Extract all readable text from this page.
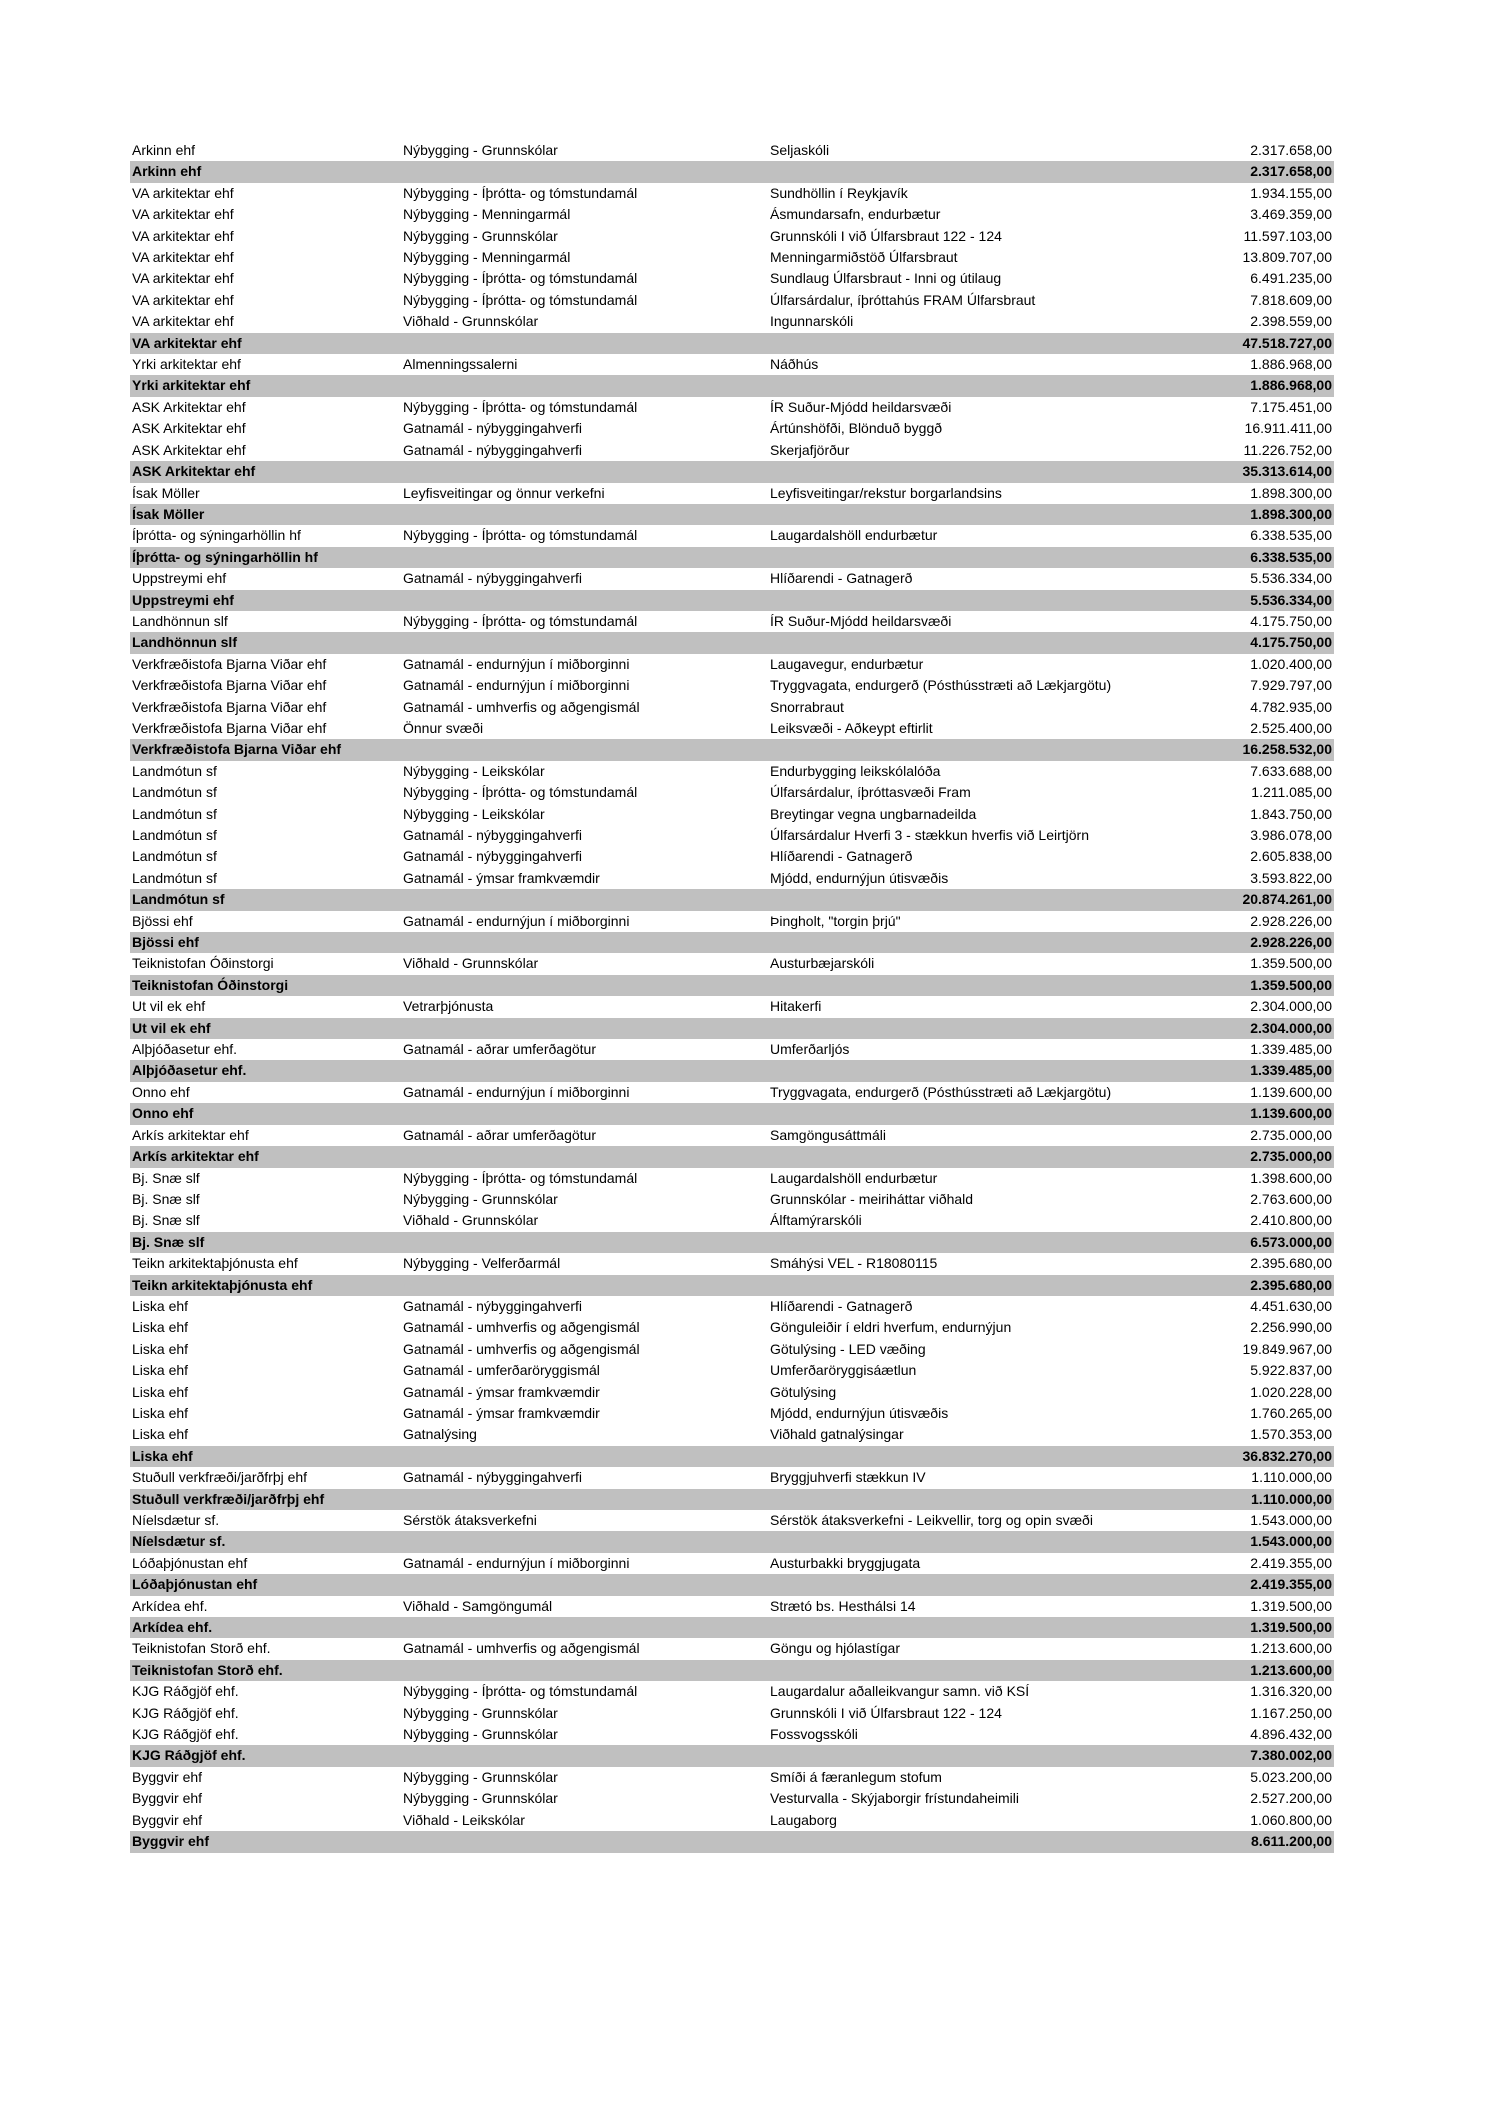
Arkinn ehf	Nýbygging - Grunnskólar	Seljaskóli	2.317.658,00
Arkinn ehf	2.317.658,00
VA arkitektar ehf	Nýbygging - Íþrótta- og tómstundamál	Sundhöllin í Reykjavík	1.934.155,00
VA arkitektar ehf	Nýbygging - Menningarmál	Ásmundarsafn, endurbætur	3.469.359,00
VA arkitektar ehf	Nýbygging - Grunnskólar	Grunnskóli I við Úlfarsbraut 122 - 124	11.597.103,00
VA arkitektar ehf	Nýbygging - Menningarmál	Menningarmiðstöð Úlfarsbraut	13.809.707,00
VA arkitektar ehf	Nýbygging - Íþrótta- og tómstundamál	Sundlaug Úlfarsbraut - Inni og útilaug	6.491.235,00
VA arkitektar ehf	Nýbygging - Íþrótta- og tómstundamál	Úlfarsárdalur, íþróttahús FRAM Úlfarsbraut	7.818.609,00
VA arkitektar ehf	Viðhald - Grunnskólar	Ingunnarskóli	2.398.559,00
VA arkitektar ehf	47.518.727,00
Yrki arkitektar ehf	Almenningssalerni	Náðhús	1.886.968,00
Yrki arkitektar ehf	1.886.968,00
ASK Arkitektar ehf	Nýbygging - Íþrótta- og tómstundamál	ÍR Suður-Mjódd heildarsvæði	7.175.451,00
ASK Arkitektar ehf	Gatnamál - nýbyggingahverfi	Ártúnshöfði, Blönduð byggð	16.911.411,00
ASK Arkitektar ehf	Gatnamál - nýbyggingahverfi	Skerjafjörður	11.226.752,00
ASK Arkitektar ehf	35.313.614,00
Ísak Möller	Leyfisveitingar og önnur verkefni	Leyfisveitingar/rekstur borgarlandsins	1.898.300,00
Ísak Möller	1.898.300,00
Íþrótta- og sýningarhöllin hf	Nýbygging - Íþrótta- og tómstundamál	Laugardalshöll endurbætur	6.338.535,00
Íþrótta- og sýningarhöllin hf	6.338.535,00
Uppstreymi ehf	Gatnamál - nýbyggingahverfi	Hlíðarendi - Gatnagerð	5.536.334,00
Uppstreymi ehf	5.536.334,00
Landhönnun slf	Nýbygging - Íþrótta- og tómstundamál	ÍR Suður-Mjódd heildarsvæði	4.175.750,00
Landhönnun slf	4.175.750,00
Verkfræðistofa Bjarna Viðar ehf	Gatnamál - endurnýjun í miðborginni	Laugavegur, endurbætur	1.020.400,00
Verkfræðistofa Bjarna Viðar ehf	Gatnamál - endurnýjun í miðborginni	Tryggvagata, endurgerð (Pósthússtræti að Lækjargötu)	7.929.797,00
Verkfræðistofa Bjarna Viðar ehf	Gatnamál - umhverfis og aðgengismál	Snorrabraut	4.782.935,00
Verkfræðistofa Bjarna Viðar ehf	Önnur svæði	Leiksvæði - Aðkeypt eftirlit	2.525.400,00
Verkfræðistofa Bjarna Viðar ehf	16.258.532,00
Landmótun sf	Nýbygging - Leikskólar	Endurbygging leikskólalóða	7.633.688,00
Landmótun sf	Nýbygging - Íþrótta- og tómstundamál	Úlfarsárdalur, íþróttasvæði Fram	1.211.085,00
Landmótun sf	Nýbygging - Leikskólar	Breytingar vegna ungbarnadeilda	1.843.750,00
Landmótun sf	Gatnamál - nýbyggingahverfi	Úlfarsárdalur Hverfi 3 - stækkun hverfis við Leirtjörn	3.986.078,00
Landmótun sf	Gatnamál - nýbyggingahverfi	Hlíðarendi - Gatnagerð	2.605.838,00
Landmótun sf	Gatnamál - ýmsar framkvæmdir	Mjódd, endurnýjun útisvæðis	3.593.822,00
Landmótun sf	20.874.261,00
Bjössi ehf	Gatnamál - endurnýjun í miðborginni	Þingholt, "torgin þrjú"	2.928.226,00
Bjössi ehf	2.928.226,00
Teiknistofan Óðinstorgi	Viðhald - Grunnskólar	Austurbæjarskóli	1.359.500,00
Teiknistofan Óðinstorgi	1.359.500,00
Ut vil ek ehf	Vetrarþjónusta	Hitakerfi	2.304.000,00
Ut vil ek ehf	2.304.000,00
Alþjóðasetur ehf.	Gatnamál - aðrar umferðagötur	Umferðarljós	1.339.485,00
Alþjóðasetur ehf.	1.339.485,00
Onno ehf	Gatnamál - endurnýjun í miðborginni	Tryggvagata, endurgerð (Pósthússtræti að Lækjargötu)	1.139.600,00
Onno ehf	1.139.600,00
Arkís arkitektar ehf	Gatnamál - aðrar umferðagötur	Samgöngusáttmáli	2.735.000,00
Arkís arkitektar ehf	2.735.000,00
Bj. Snæ slf	Nýbygging - Íþrótta- og tómstundamál	Laugardalshöll endurbætur	1.398.600,00
Bj. Snæ slf	Nýbygging - Grunnskólar	Grunnskólar - meiriháttar viðhald	2.763.600,00
Bj. Snæ slf	Viðhald - Grunnskólar	Álftamýrarskóli	2.410.800,00
Bj. Snæ slf	6.573.000,00
Teikn arkitektaþjónusta ehf	Nýbygging - Velferðarmál	Smáhýsi VEL - R18080115	2.395.680,00
Teikn arkitektaþjónusta ehf	2.395.680,00
Liska ehf	Gatnamál - nýbyggingahverfi	Hlíðarendi - Gatnagerð	4.451.630,00
Liska ehf	Gatnamál - umhverfis og aðgengismál	Gönguleiðir í eldri hverfum, endurnýjun	2.256.990,00
Liska ehf	Gatnamál - umhverfis og aðgengismál	Götulýsing - LED væðing	19.849.967,00
Liska ehf	Gatnamál - umferðaröryggismál	Umferðaröryggisáætlun	5.922.837,00
Liska ehf	Gatnamál - ýmsar framkvæmdir	Götulýsing	1.020.228,00
Liska ehf	Gatnamál - ýmsar framkvæmdir	Mjódd, endurnýjun útisvæðis	1.760.265,00
Liska ehf	Gatnalýsing	Viðhald gatnalýsingar	1.570.353,00
Liska ehf	36.832.270,00
Stuðull verkfræði/jarðfrþj ehf	Gatnamál - nýbyggingahverfi	Bryggjuhverfi stækkun IV	1.110.000,00
Stuðull verkfræði/jarðfrþj ehf	1.110.000,00
Níelsdætur sf.	Sérstök átaksverkefni	Sérstök átaksverkefni - Leikvellir, torg og opin svæði	1.543.000,00
Níelsdætur sf.	1.543.000,00
Lóðaþjónustan ehf	Gatnamál - endurnýjun í miðborginni	Austurbakki bryggjugata	2.419.355,00
Lóðaþjónustan ehf	2.419.355,00
Arkídea ehf.	Viðhald - Samgöngumál	Strætó bs. Hesthálsi 14	1.319.500,00
Arkídea ehf.	1.319.500,00
Teiknistofan Storð ehf.	Gatnamál - umhverfis og aðgengismál	Göngu og hjólastígar	1.213.600,00
Teiknistofan Storð ehf.	1.213.600,00
KJG Ráðgjöf ehf.	Nýbygging - Íþrótta- og tómstundamál	Laugardalur aðalleikvangur samn. við KSÍ	1.316.320,00
KJG Ráðgjöf ehf.	Nýbygging - Grunnskólar	Grunnskóli I við Úlfarsbraut 122 - 124	1.167.250,00
KJG Ráðgjöf ehf.	Nýbygging - Grunnskólar	Fossvogsskóli	4.896.432,00
KJG Ráðgjöf ehf.	7.380.002,00
Byggvir ehf	Nýbygging - Grunnskólar	Smíði á færanlegum stofum	5.023.200,00
Byggvir ehf	Nýbygging - Grunnskólar	Vesturvalla - Skýjaborgir frístundaheimili	2.527.200,00
Byggvir ehf	Viðhald - Leikskólar	Laugaborg	1.060.800,00
Byggvir ehf	8.611.200,00
